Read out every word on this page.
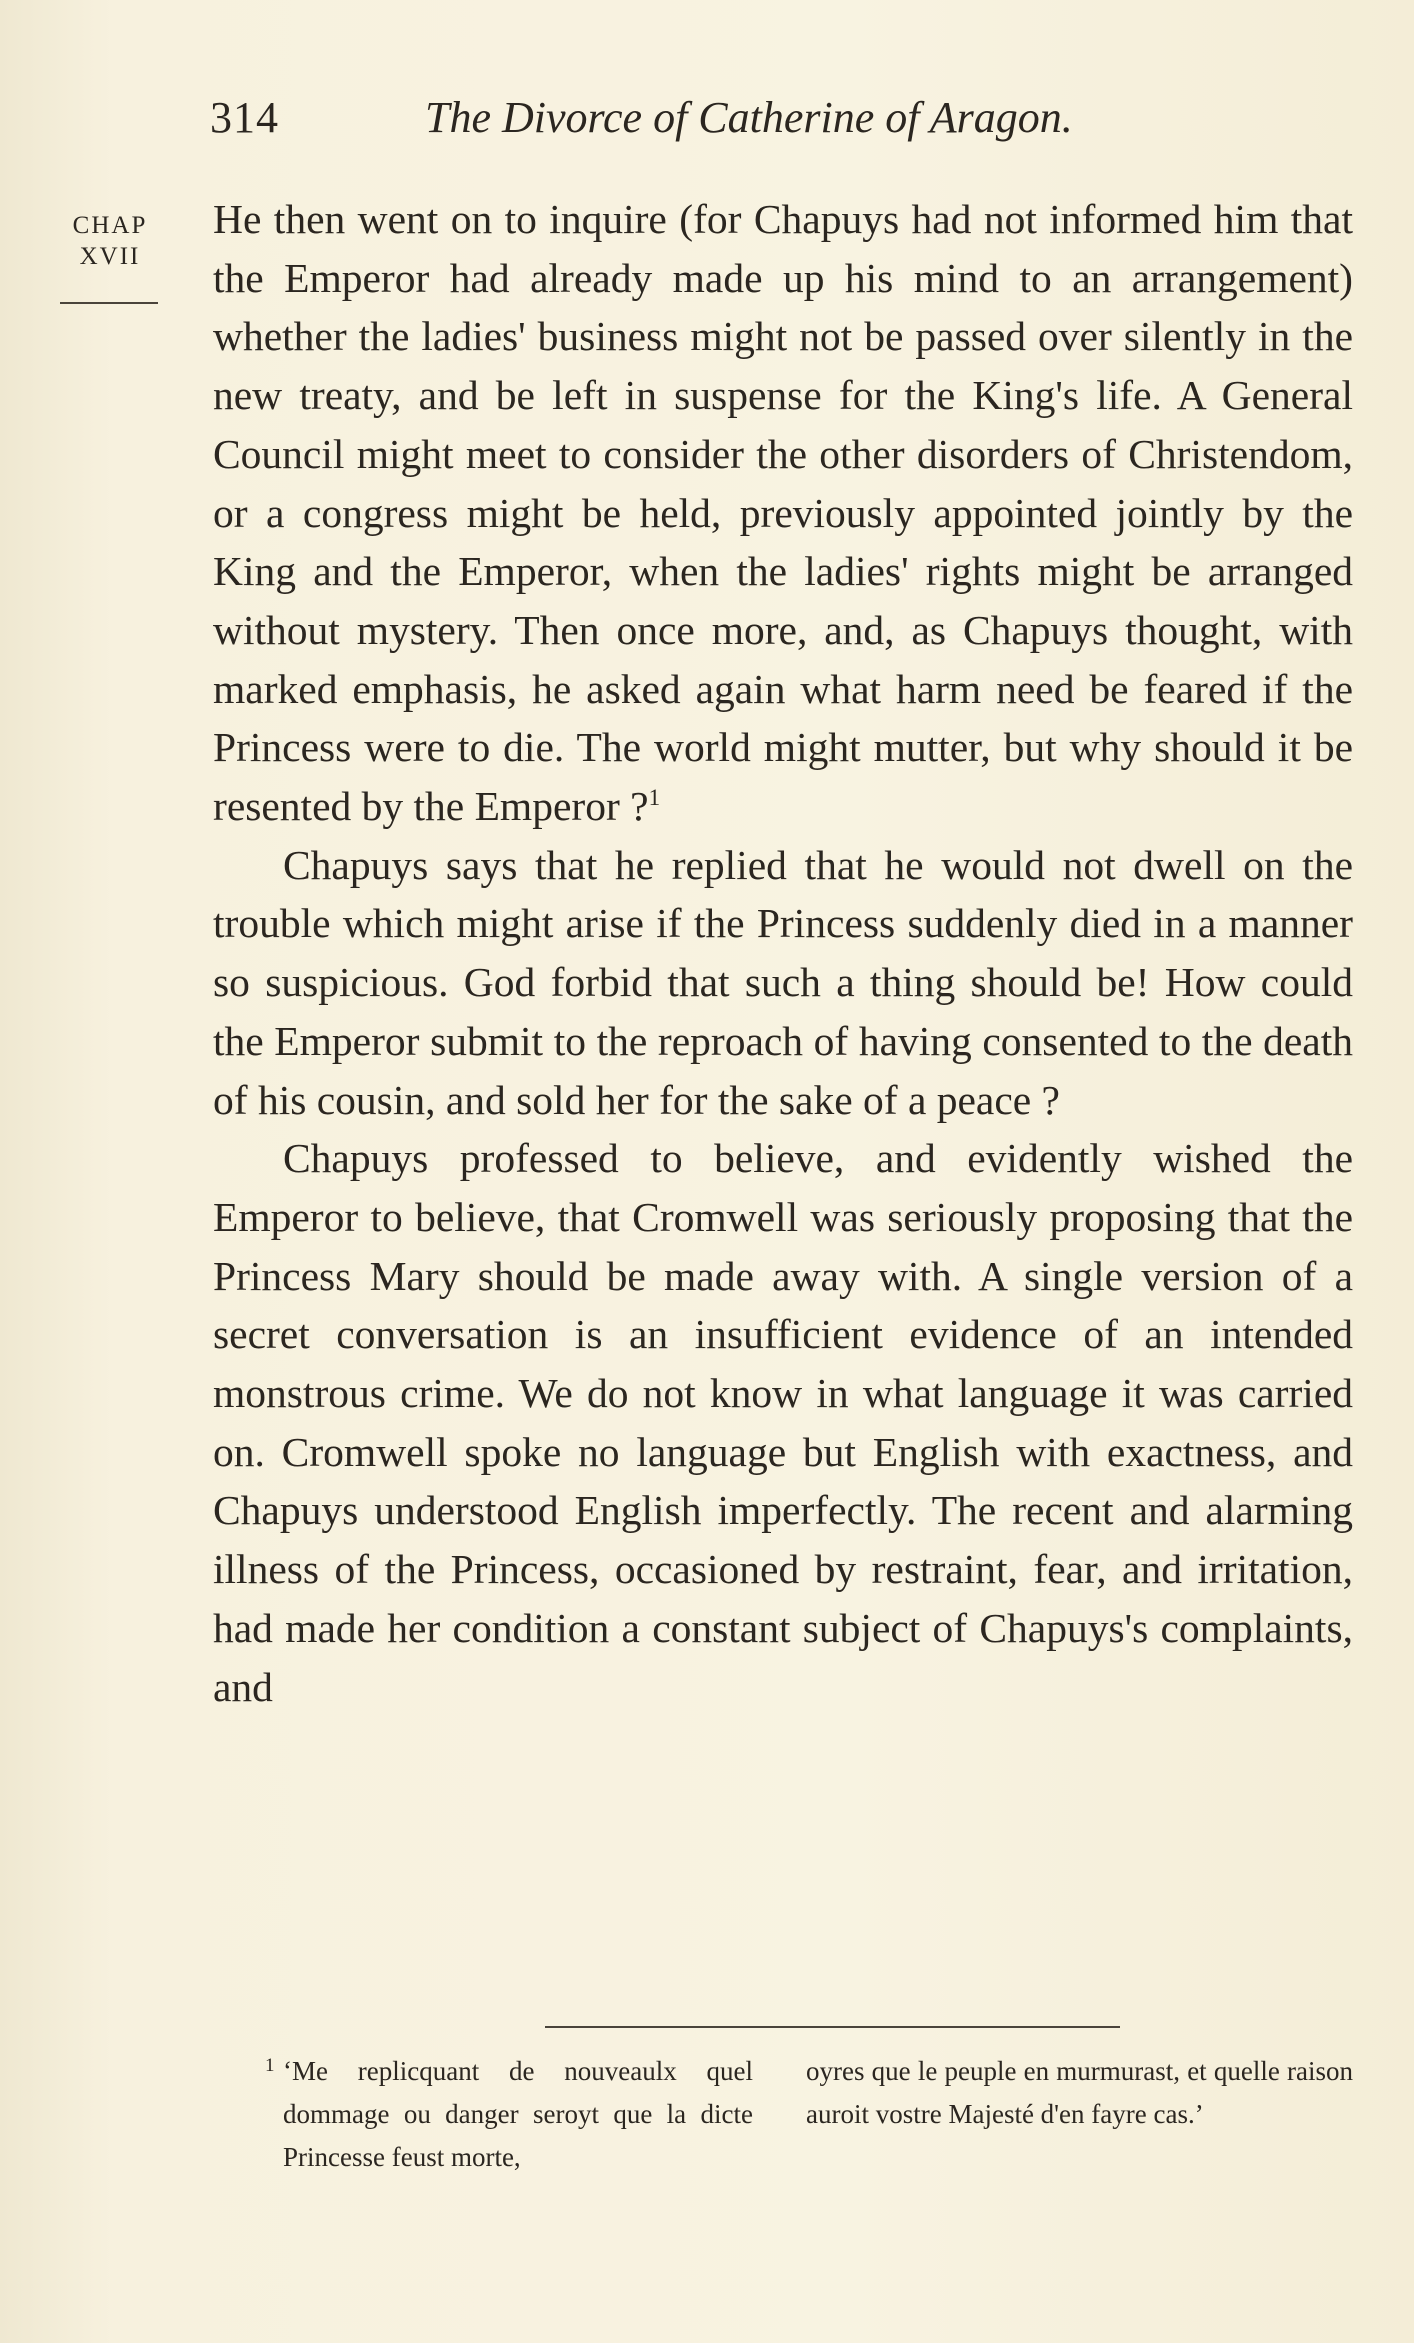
314	The Divorce of Catherine of Aragon.
CHAP
XVII

He then went on to inquire (for Chapuys had not informed him that the Emperor had already made up his mind to an arrangement) whether the ladies' business might not be passed over silently in the new treaty, and be left in suspense for the King's life. A General Council might meet to consider the other disorders of Christendom, or a congress might be held, previously appointed jointly by the King and the Emperor, when the ladies' rights might be arranged without mystery. Then once more, and, as Chapuys thought, with marked emphasis, he asked again what harm need be feared if the Princess were to die. The world might mutter, but why should it be resented by the Emperor ?$^1$

Chapuys says that he replied that he would not dwell on the trouble which might arise if the Princess suddenly died in a manner so suspicious. God forbid that such a thing should be! How could the Emperor submit to the reproach of having consented to the death of his cousin, and sold her for the sake of a peace ?

Chapuys professed to believe, and evidently wished the Emperor to believe, that Cromwell was seriously proposing that the Princess Mary should be made away with. A single version of a secret conversation is an insufficient evidence of an intended monstrous crime. We do not know in what language it was carried on. Cromwell spoke no language but English with exactness, and Chapuys understood English imperfectly. The recent and alarming illness of the Princess, occasioned by restraint, fear, and irritation, had made her condition a constant subject of Chapuys's complaints, and

1 ‘Me replicquant de nouveaulx quel dommage ou danger seroyt que la dicte Princesse feust morte,

oyres que le peuple en murmurast, et quelle raison auroit vostre Majesté d'en fayre cas.’
